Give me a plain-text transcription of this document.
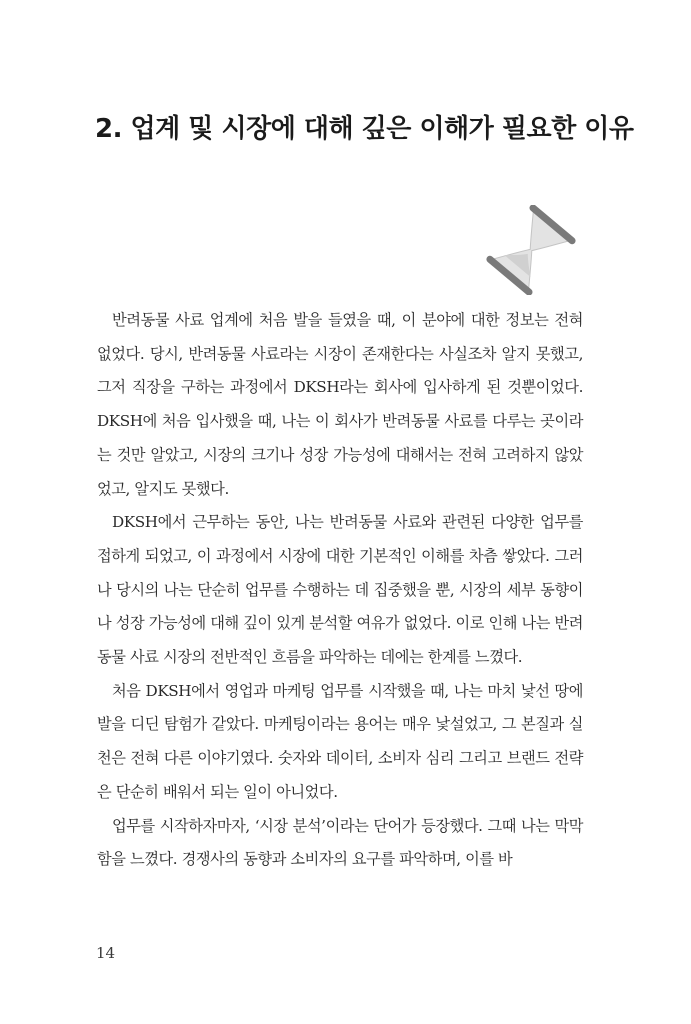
2. 업계 및 시장에 대해 깊은 이해가 필요한 이유

반려동물 사료 업계에 처음 발을 들였을 때, 이 분야에 대한 정보는 전혀 없었다. 당시, 반려동물 사료라는 시장이 존재한다는 사실조차 알지 못했고, 그저 직장을 구하는 과정에서 DKSH라는 회사에 입사하게 된 것뿐이었다. DKSH에 처음 입사했을 때, 나는 이 회사가 반려동물 사료를 다루는 곳이라는 것만 알았고, 시장의 크기나 성장 가능성에 대해서는 전혀 고려하지 않았었고, 알지도 못했다.

DKSH에서 근무하는 동안, 나는 반려동물 사료와 관련된 다양한 업무를 접하게 되었고, 이 과정에서 시장에 대한 기본적인 이해를 차츰 쌓았다. 그러나 당시의 나는 단순히 업무를 수행하는 데 집중했을 뿐, 시장의 세부 동향이나 성장 가능성에 대해 깊이 있게 분석할 여유가 없었다. 이로 인해 나는 반려동물 사료 시장의 전반적인 흐름을 파악하는 데에는 한계를 느꼈다.

처음 DKSH에서 영업과 마케팅 업무를 시작했을 때, 나는 마치 낯선 땅에 발을 디딘 탐험가 같았다. 마케팅이라는 용어는 매우 낯설었고, 그 본질과 실천은 전혀 다른 이야기였다. 숫자와 데이터, 소비자 심리 그리고 브랜드 전략은 단순히 배워서 되는 일이 아니었다.

업무를 시작하자마자, ‘시장 분석’이라는 단어가 등장했다. 그때 나는 막막함을 느꼈다. 경쟁사의 동향과 소비자의 요구를 파악하며, 이를 바

14
